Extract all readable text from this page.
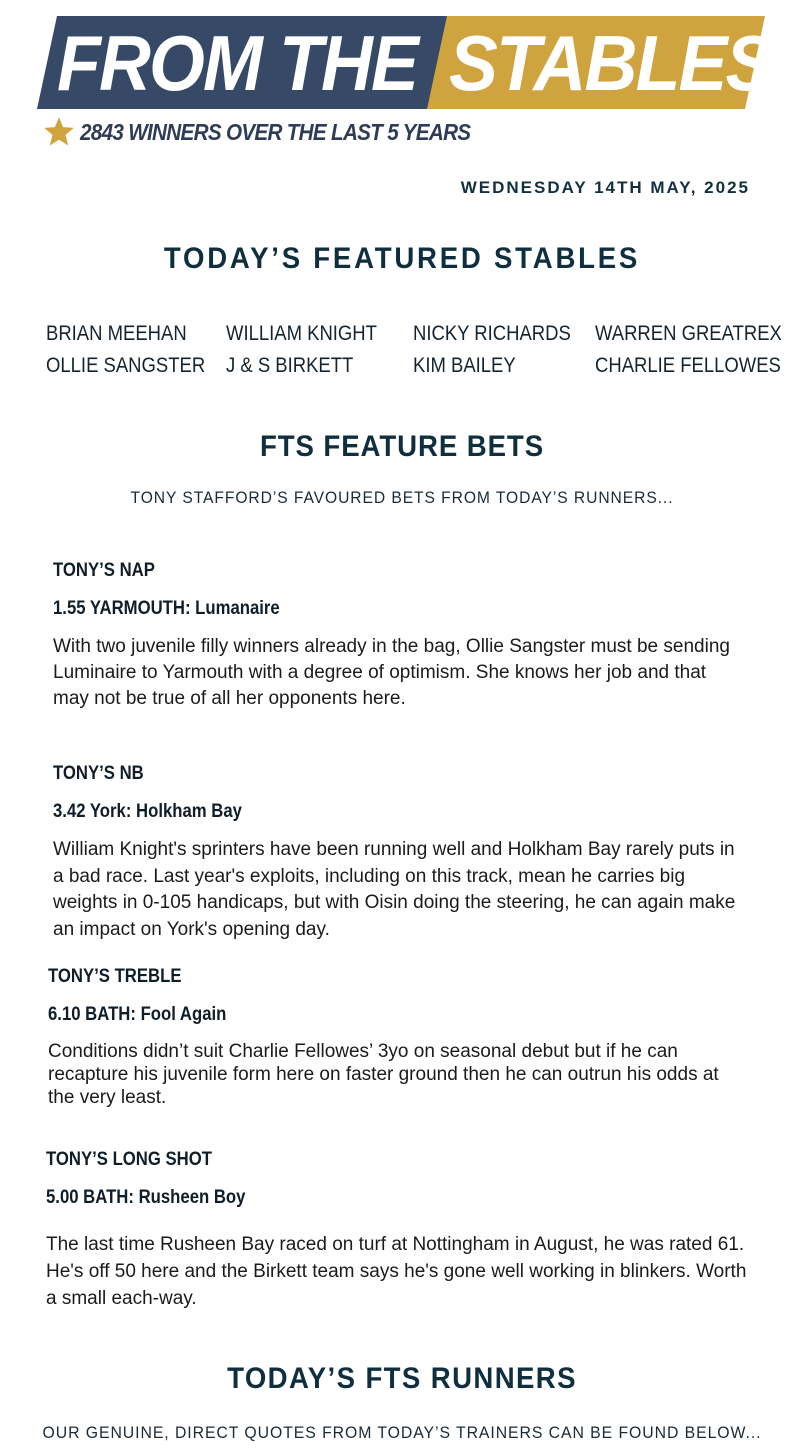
FROM THE STABLES
2843 WINNERS OVER THE LAST 5 YEARS
WEDNESDAY 14TH MAY, 2025
TODAY’S FEATURED STABLES
BRIAN MEEHAN WILLIAM KNIGHT NICKY RICHARDS WARREN GREATREX
OLLIE SANGSTER J & S BIRKETT	KIM BAILEY	CHARLIE FELLOWES
FTS FEATURE BETS
TONY STAFFORD’S FAVOURED BETS FROM TODAY’S RUNNERS...
TONY’S NAP
1.55 YARMOUTH: Lumanaire
With two juvenile filly winners already in the bag, Ollie Sangster must be sending Luminaire to Yarmouth with a degree of optimism. She knows her job and that may not be true of all her opponents here.
TONY’S NB
3.42 York: Holkham Bay
William Knight's sprinters have been running well and Holkham Bay rarely puts in a bad race. Last year's exploits, including on this track, mean he carries big weights in 0-105 handicaps, but with Oisin doing the steering, he can again make an impact on York's opening day.
TONY’S TREBLE
6.10 BATH: Fool Again
Conditions didn’t suit Charlie Fellowes’ 3yo on seasonal debut but if he can recapture his juvenile form here on faster ground then he can outrun his odds at the very least.
TONY’S LONG SHOT
5.00 BATH: Rusheen Boy
The last time Rusheen Bay raced on turf at Nottingham in August, he was rated 61. He's off 50 here and the Birkett team says he's gone well working in blinkers. Worth a small each-way.
TODAY’S FTS RUNNERS
OUR GENUINE, DIRECT QUOTES FROM TODAY’S TRAINERS CAN BE FOUND BELOW...
